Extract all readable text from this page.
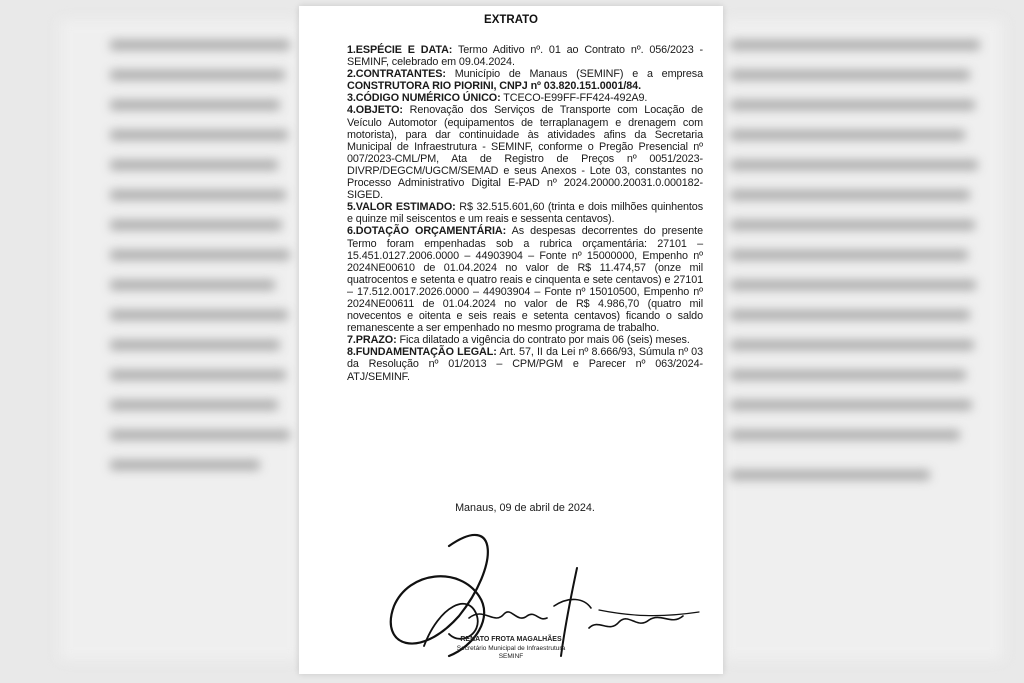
EXTRATO

1.ESPÉCIE E DATA: Termo Aditivo nº. 01 ao Contrato nº. 056/2023 - SEMINF, celebrado em 09.04.2024.

2.CONTRATANTES: Município de Manaus (SEMINF) e a empresa CONSTRUTORA RIO PIORINI, CNPJ nº 03.820.151.0001/84.

3.CÓDIGO NUMÉRICO ÚNICO: TCECO-E99FF-FF424-492A9.

4.OBJETO: Renovação dos Serviços de Transporte com Locação de Veículo Automotor (equipamentos de terraplanagem e drenagem com motorista), para dar continuidade às atividades afins da Secretaria Municipal de Infraestrutura - SEMINF, conforme o Pregão Presencial nº 007/2023-CML/PM, Ata de Registro de Preços nº 0051/2023-DIVRP/DEGCM/UGCM/SEMAD e seus Anexos - Lote 03, constantes no Processo Administrativo Digital E-PAD nº 2024.20000.20031.0.000182-SIGED.

5.VALOR ESTIMADO: R$ 32.515.601,60 (trinta e dois milhões quinhentos e quinze mil seiscentos e um reais e sessenta centavos).

6.DOTAÇÃO ORÇAMENTÁRIA: As despesas decorrentes do presente Termo foram empenhadas sob a rubrica orçamentária: 27101 – 15.451.0127.2006.0000 – 44903904 – Fonte nº 15000000, Empenho nº 2024NE00610 de 01.04.2024 no valor de R$ 11.474,57 (onze mil quatrocentos e setenta e quatro reais e cinquenta e sete centavos) e 27101 – 17.512.0017.2026.0000 – 44903904 – Fonte nº 15010500, Empenho nº 2024NE00611 de 01.04.2024 no valor de R$ 4.986,70 (quatro mil novecentos e oitenta e seis reais e setenta centavos) ficando o saldo remanescente a ser empenhado no mesmo programa de trabalho.

7.PRAZO: Fica dilatado a vigência do contrato por mais 06 (seis) meses.

8.FUNDAMENTAÇÃO LEGAL: Art. 57, II da Lei nº 8.666/93, Súmula nº 03 da Resolução nº 01/2013 – CPM/PGM e Parecer nº 063/2024-ATJ/SEMINF.

Manaus, 09 de abril de 2024.
RENATO FROTA MAGALHÃES
Secretário Municipal de Infraestrutura
SEMINF
